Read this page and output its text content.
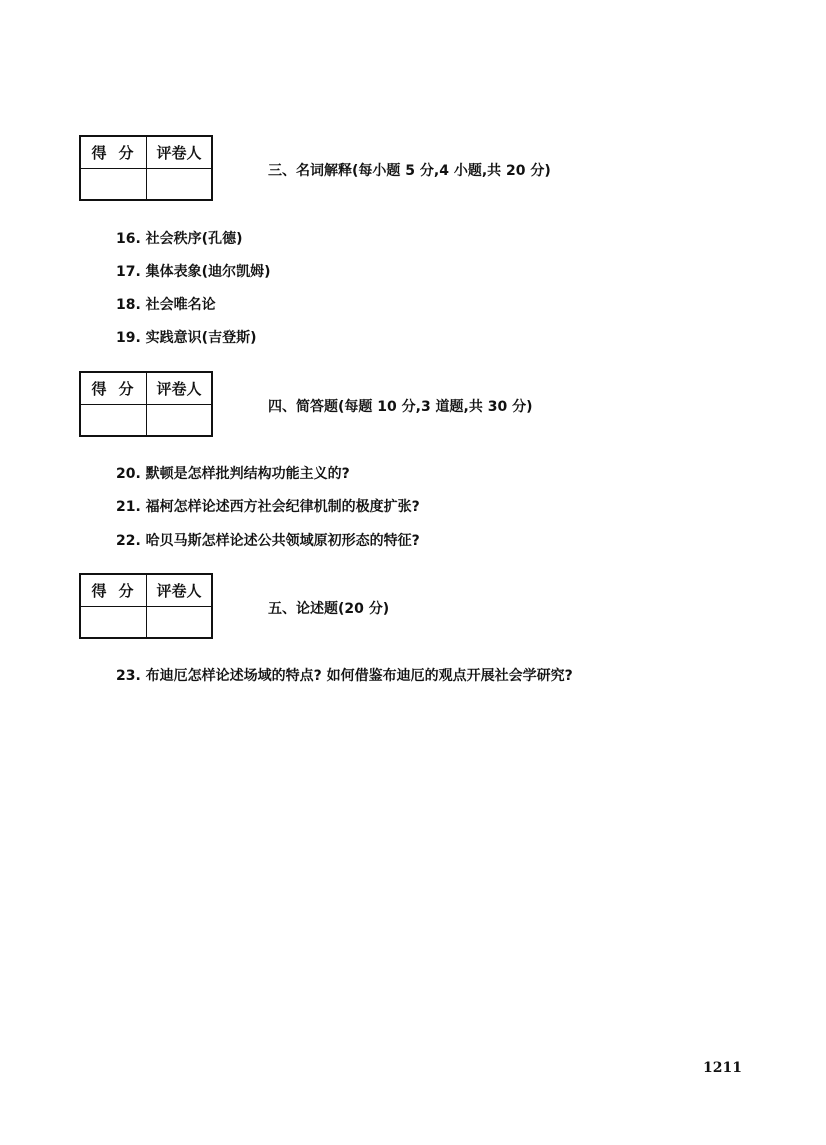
得分 评卷人
三、名词解释(每小题 5 分,4 小题,共 20 分)
16. 社会秩序(孔德)
17. 集体表象(迪尔凯姆)
18. 社会唯名论
19. 实践意识(吉登斯)
得分 评卷人
四、简答题(每题 10 分,3 道题,共 30 分)
20. 默顿是怎样批判结构功能主义的?
21. 福柯怎样论述西方社会纪律机制的极度扩张?
22. 哈贝马斯怎样论述公共领域原初形态的特征?
得分 评卷人
五、论述题(20 分)
23. 布迪厄怎样论述场域的特点? 如何借鉴布迪厄的观点开展社会学研究?
1211
